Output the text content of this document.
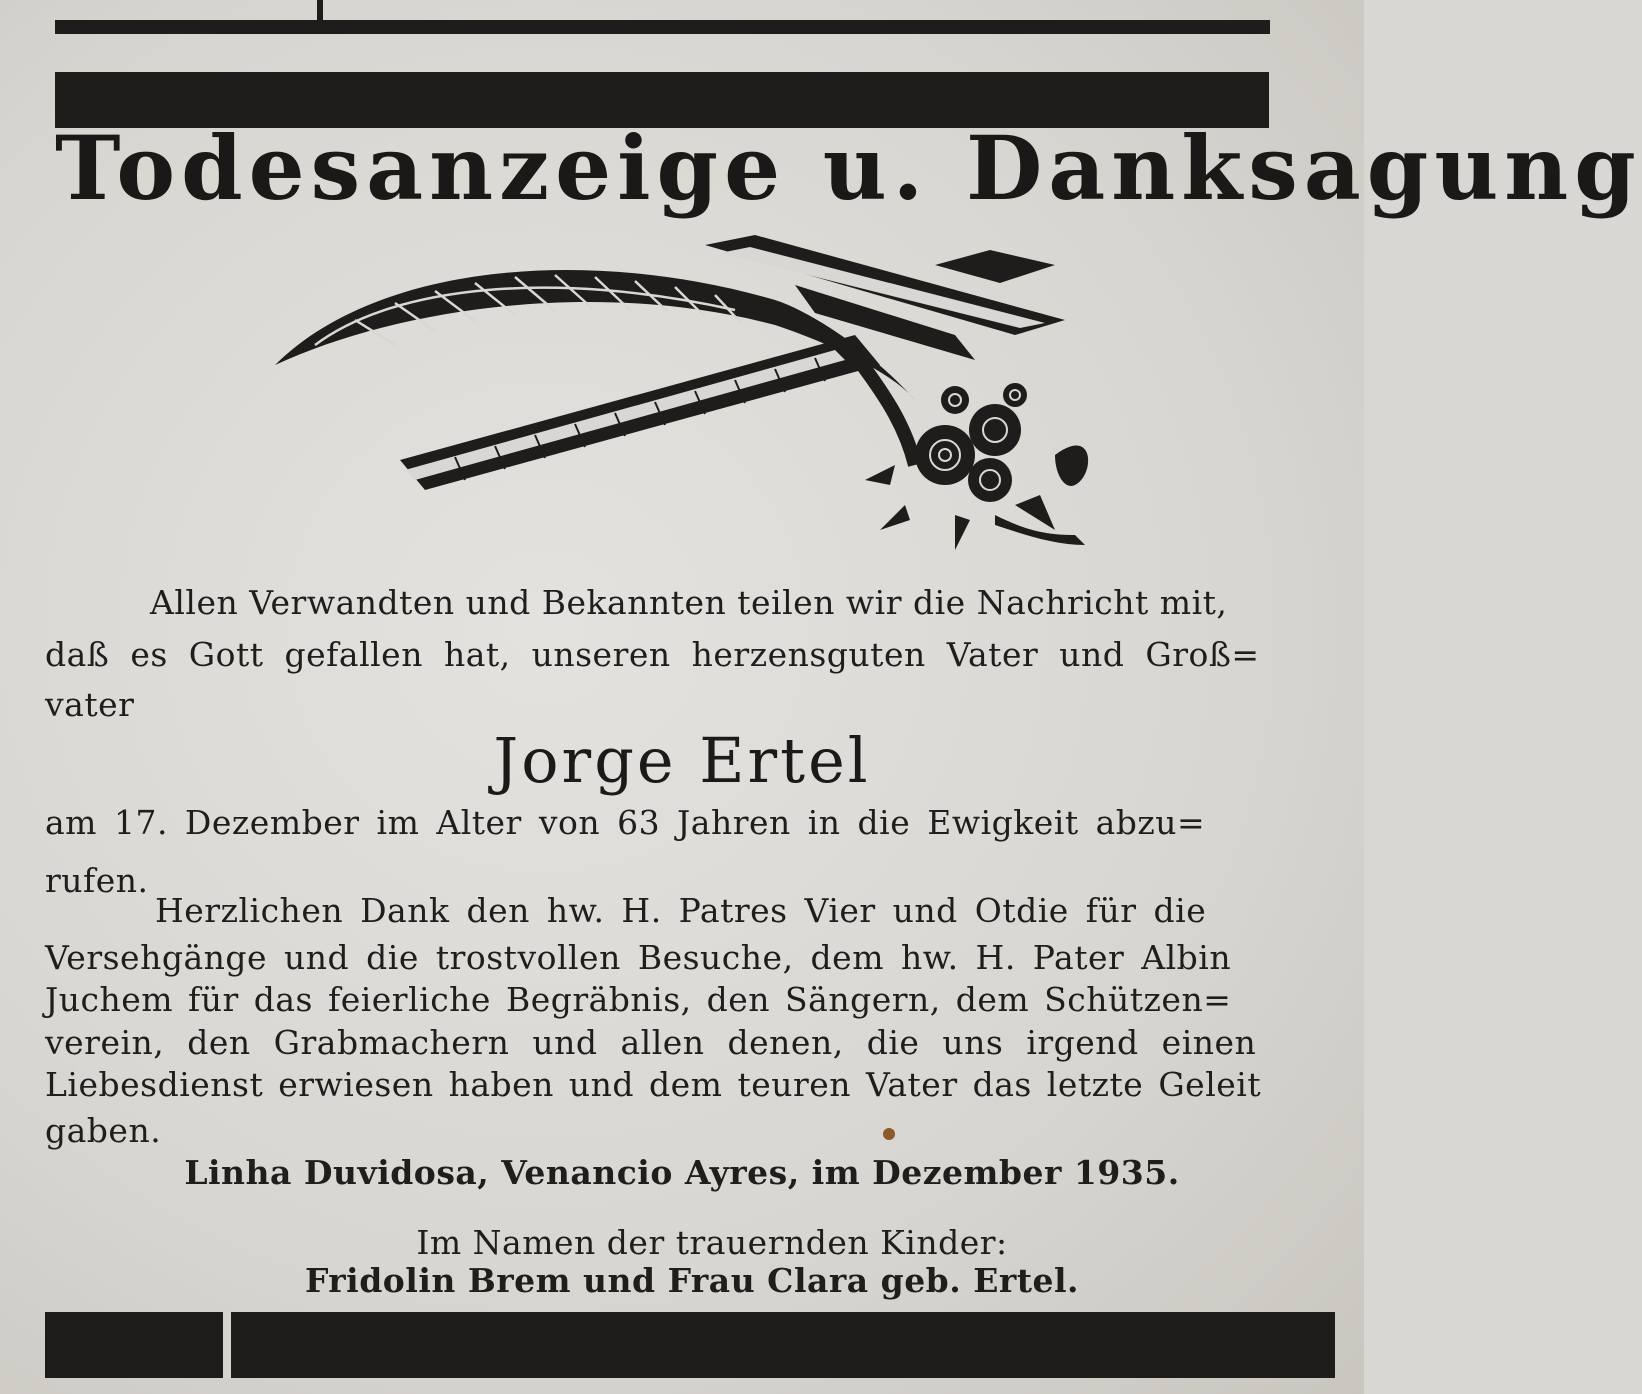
Todesanzeige u. Danksagung
Allen Verwandten und Bekannten teilen wir die Nachricht mit,
daß es Gott gefallen hat, unseren herzensguten Vater und Groß=
vater
Jorge Ertel
am 17. Dezember im Alter von 63 Jahren in die Ewigkeit abzu=
rufen.
Herzlichen Dank den hw. H. Patres Vier und Otdie für die
Versehgänge und die trostvollen Besuche, dem hw. H. Pater Albin
Juchem für das feierliche Begräbnis, den Sängern, dem Schützen=
verein, den Grabmachern und allen denen, die uns irgend einen
Liebesdienst erwiesen haben und dem teuren Vater das letzte Geleit
gaben.
Linha Duvidosa, Venancio Ayres, im Dezember 1935.
Im Namen der trauernden Kinder:
Fridolin Brem und Frau Clara geb. Ertel.
